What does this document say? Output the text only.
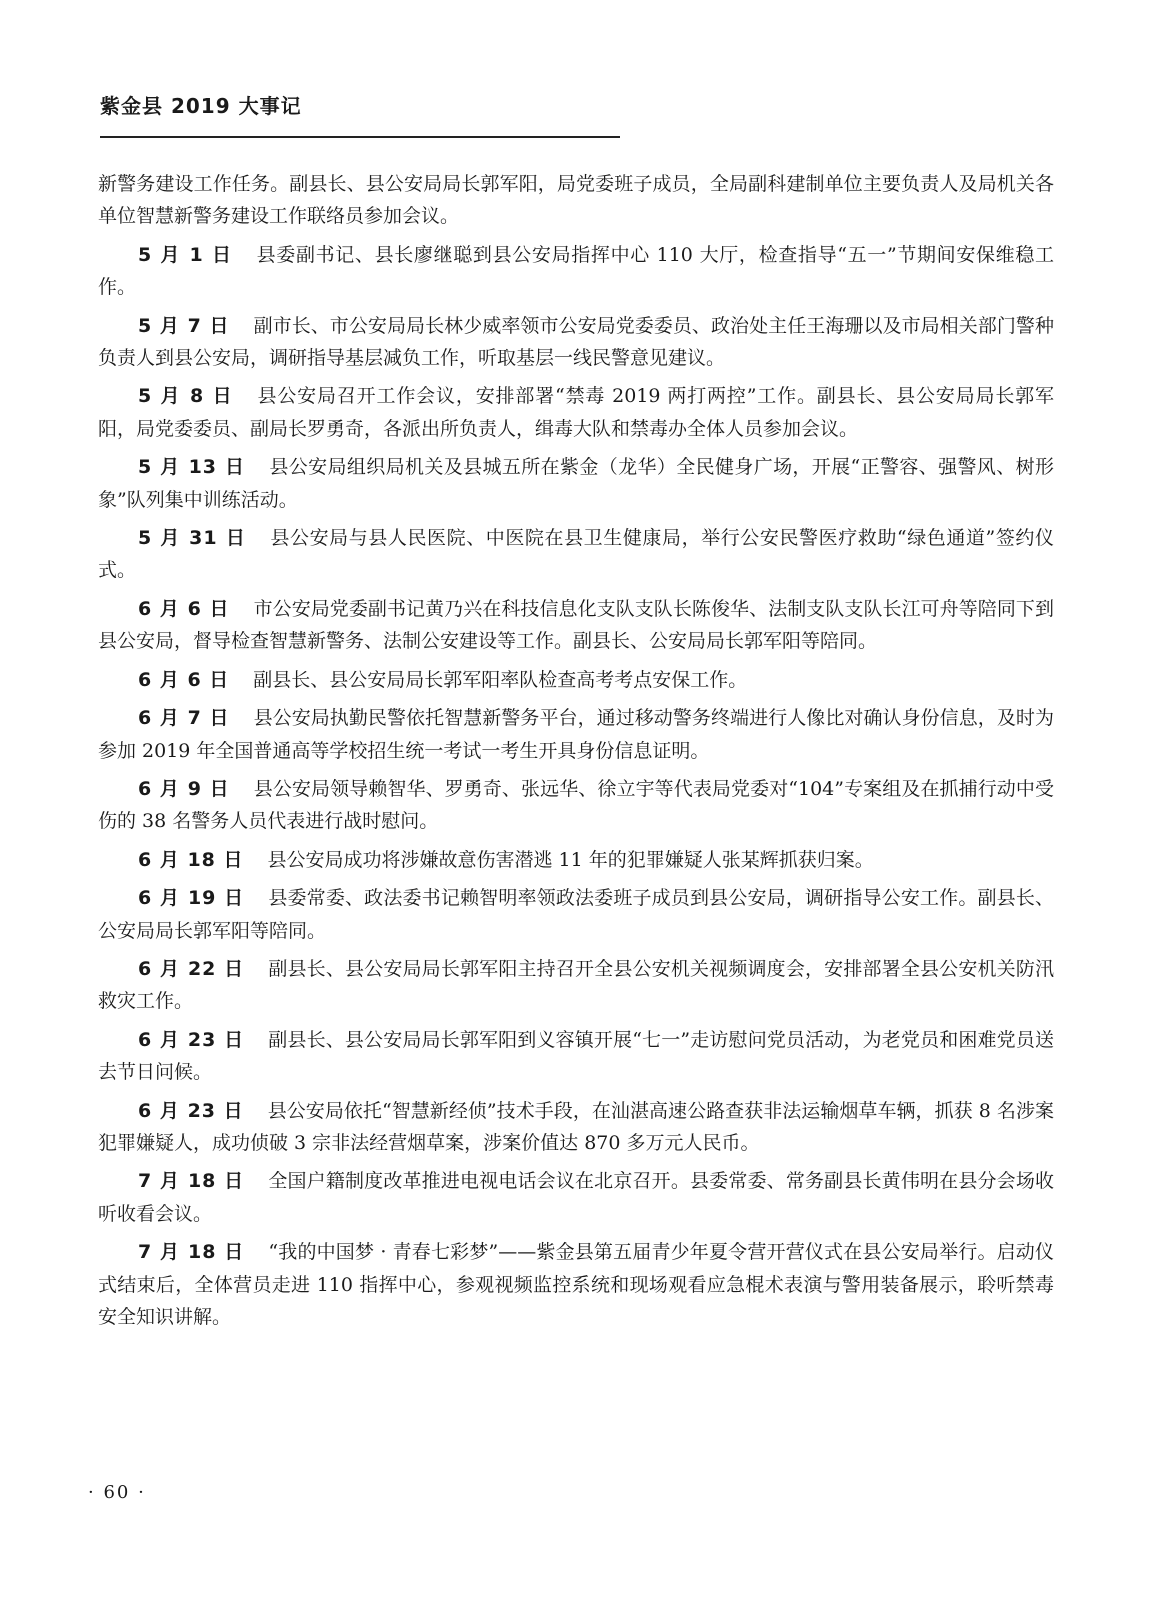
紫金县 2019 大事记

新警务建设工作任务。副县长、县公安局局长郭军阳，局党委班子成员，全局副科建制单位主要负责人及局机关各单位智慧新警务建设工作联络员参加会议。

5 月 1 日 县委副书记、县长廖继聪到县公安局指挥中心 110 大厅，检查指导“五一”节期间安保维稳工作。

5 月 7 日 副市长、市公安局局长林少威率领市公安局党委委员、政治处主任王海珊以及市局相关部门警种负责人到县公安局，调研指导基层减负工作，听取基层一线民警意见建议。

5 月 8 日 县公安局召开工作会议，安排部署“禁毒 2019 两打两控”工作。副县长、县公安局局长郭军阳，局党委委员、副局长罗勇奇，各派出所负责人，缉毒大队和禁毒办全体人员参加会议。

5 月 13 日 县公安局组织局机关及县城五所在紫金（龙华）全民健身广场，开展“正警容、强警风、树形象”队列集中训练活动。

5 月 31 日 县公安局与县人民医院、中医院在县卫生健康局，举行公安民警医疗救助“绿色通道”签约仪式。

6 月 6 日 市公安局党委副书记黄乃兴在科技信息化支队支队长陈俊华、法制支队支队长江可舟等陪同下到县公安局，督导检查智慧新警务、法制公安建设等工作。副县长、公安局局长郭军阳等陪同。

6 月 6 日 副县长、县公安局局长郭军阳率队检查高考考点安保工作。

6 月 7 日 县公安局执勤民警依托智慧新警务平台，通过移动警务终端进行人像比对确认身份信息，及时为参加 2019 年全国普通高等学校招生统一考试一考生开具身份信息证明。

6 月 9 日 县公安局领导赖智华、罗勇奇、张远华、徐立宇等代表局党委对“104”专案组及在抓捕行动中受伤的 38 名警务人员代表进行战时慰问。

6 月 18 日 县公安局成功将涉嫌故意伤害潜逃 11 年的犯罪嫌疑人张某辉抓获归案。

6 月 19 日 县委常委、政法委书记赖智明率领政法委班子成员到县公安局，调研指导公安工作。副县长、公安局局长郭军阳等陪同。

6 月 22 日 副县长、县公安局局长郭军阳主持召开全县公安机关视频调度会，安排部署全县公安机关防汛救灾工作。

6 月 23 日 副县长、县公安局局长郭军阳到义容镇开展“七一”走访慰问党员活动，为老党员和困难党员送去节日问候。

6 月 23 日 县公安局依托“智慧新经侦”技术手段，在汕湛高速公路查获非法运输烟草车辆，抓获 8 名涉案犯罪嫌疑人，成功侦破 3 宗非法经营烟草案，涉案价值达 870 多万元人民币。

7 月 18 日 全国户籍制度改革推进电视电话会议在北京召开。县委常委、常务副县长黄伟明在县分会场收听收看会议。

7 月 18 日 “我的中国梦 · 青春七彩梦”——紫金县第五届青少年夏令营开营仪式在县公安局举行。启动仪式结束后，全体营员走进 110 指挥中心，参观视频监控系统和现场观看应急棍术表演与警用装备展示，聆听禁毒安全知识讲解。

· 60 ·
